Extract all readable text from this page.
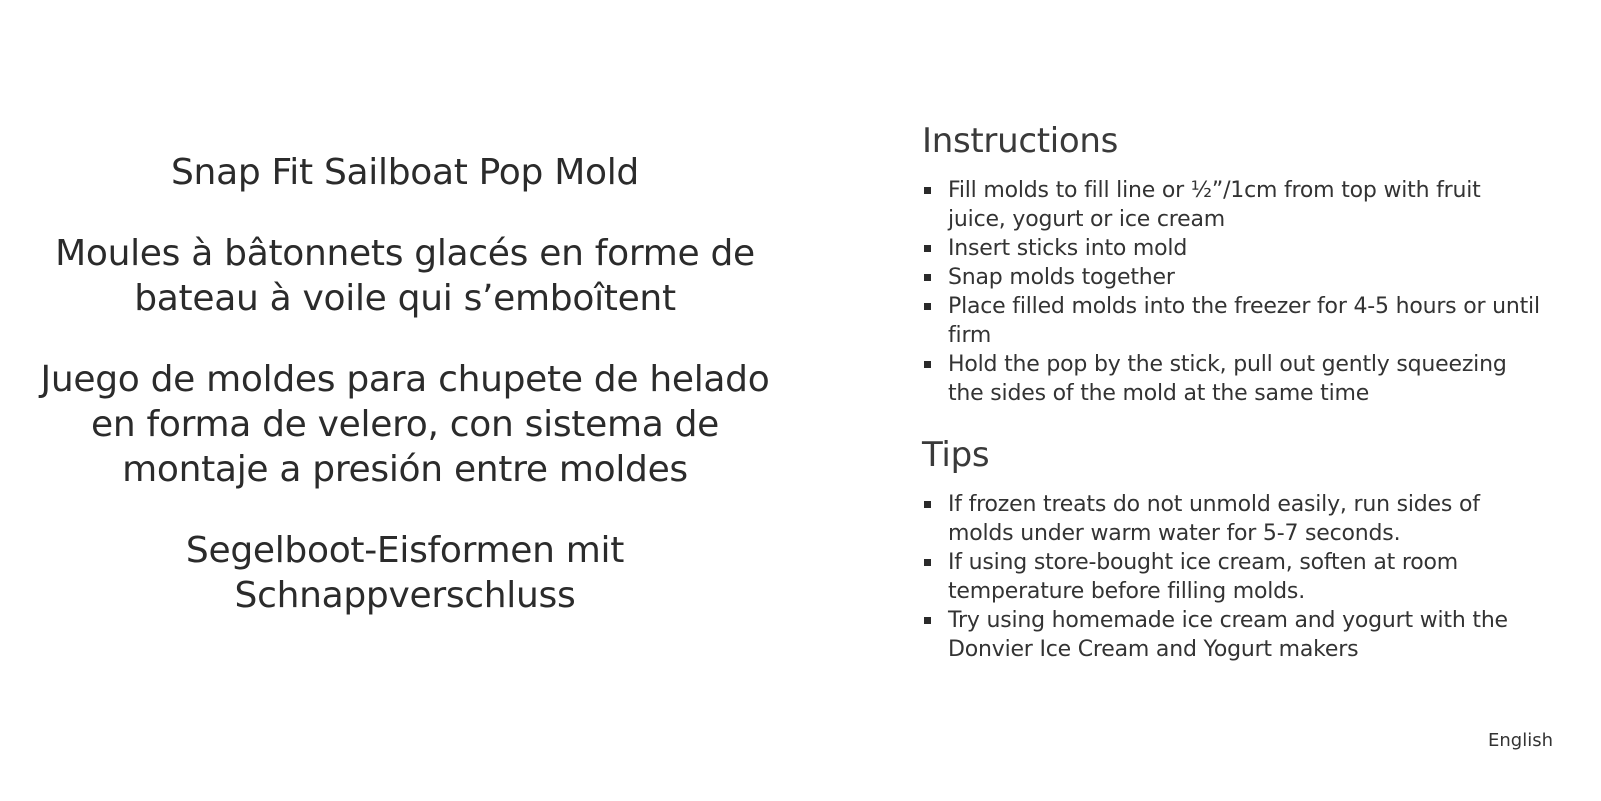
Snap Fit Sailboat Pop Mold
Moules à bâtonnets glacés en forme de
bateau à voile qui s’emboîtent
Juego de moldes para chupete de helado
en forma de velero, con sistema de
montaje a presión entre moldes
Segelboot-Eisformen mit
Schnappverschluss
Instructions
Fill molds to fill line or ½”/1cm from top with fruit juice, yogurt or ice cream
Insert sticks into mold
Snap molds together
Place filled molds into the freezer for 4-5 hours or until firm
Hold the pop by the stick, pull out gently squeezing the sides of the mold at the same time
Tips
If frozen treats do not unmold easily, run sides of molds under warm water for 5-7 seconds.
If using store-bought ice cream, soften at room temperature before filling molds.
Try using homemade ice cream and yogurt with the Donvier Ice Cream and Yogurt makers
English
